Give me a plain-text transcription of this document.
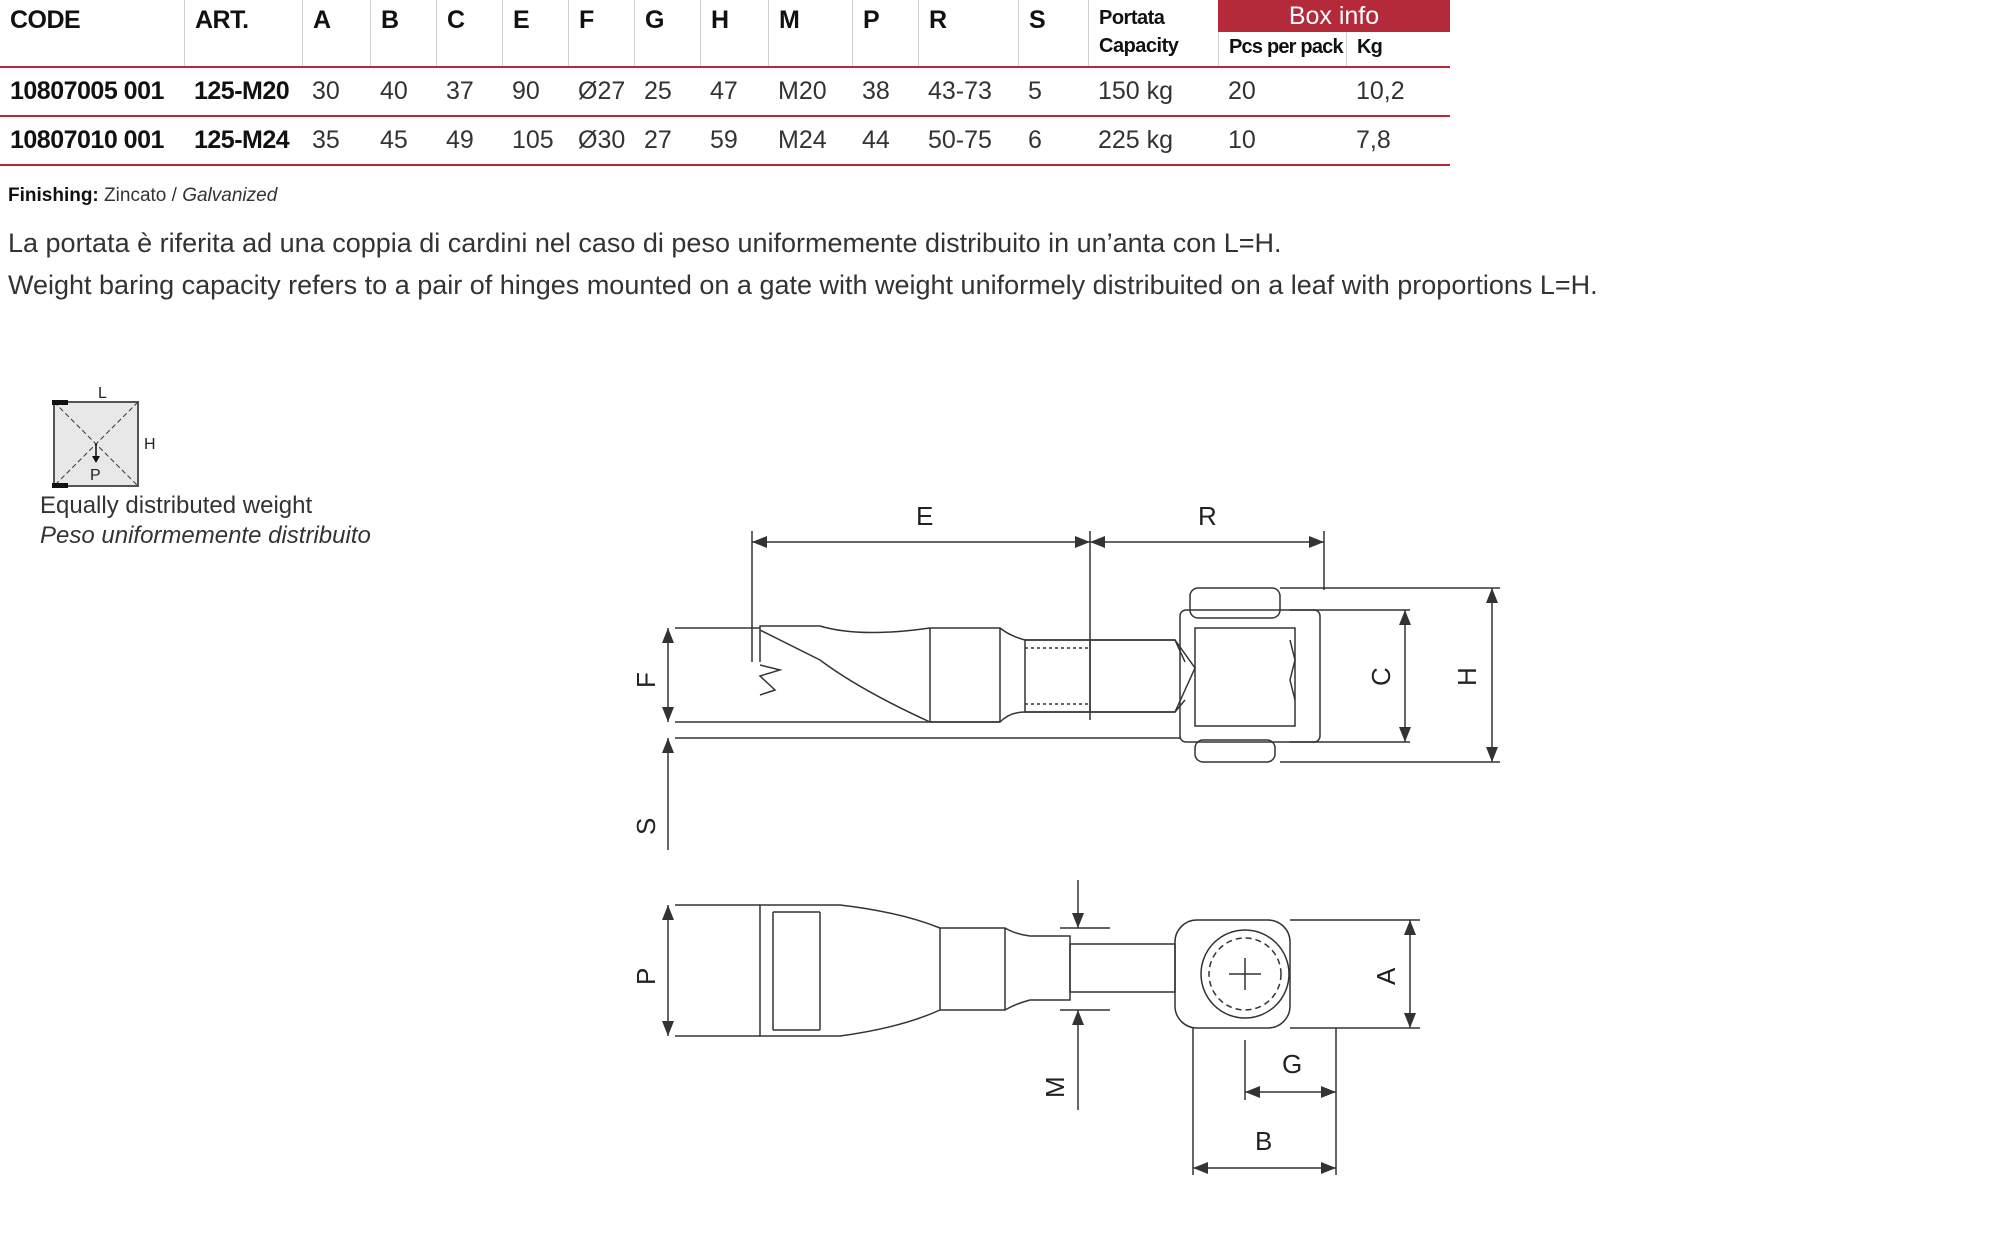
CODE	ART.	A	B	C	E	F	G	H	M	P	R	S	Portata
Capacity
Box info
Pcs per pack Kg
10807005 001	125-M20 30	40	37	90	Ø27 25	47	M20	38	43-73	5	150 kg	20	10,2
10807010 001	125-M24 35	45	49	105 Ø30 27	59	M24	44	50-75	6	225 kg	10	7,8
Finishing: Zincato / Galvanized
La portata è riferita ad una coppia di cardini nel caso di peso uniformemente distribuito in un’anta con L=H.
Weight baring capacity refers to a pair of hinges mounted on a gate with weight uniformely distribuited on a leaf with proportions L=H.
L
H
P
Equally distributed weight
Peso uniformemente distribuito
E	R
F
S
C H
P
M
A
G
B
